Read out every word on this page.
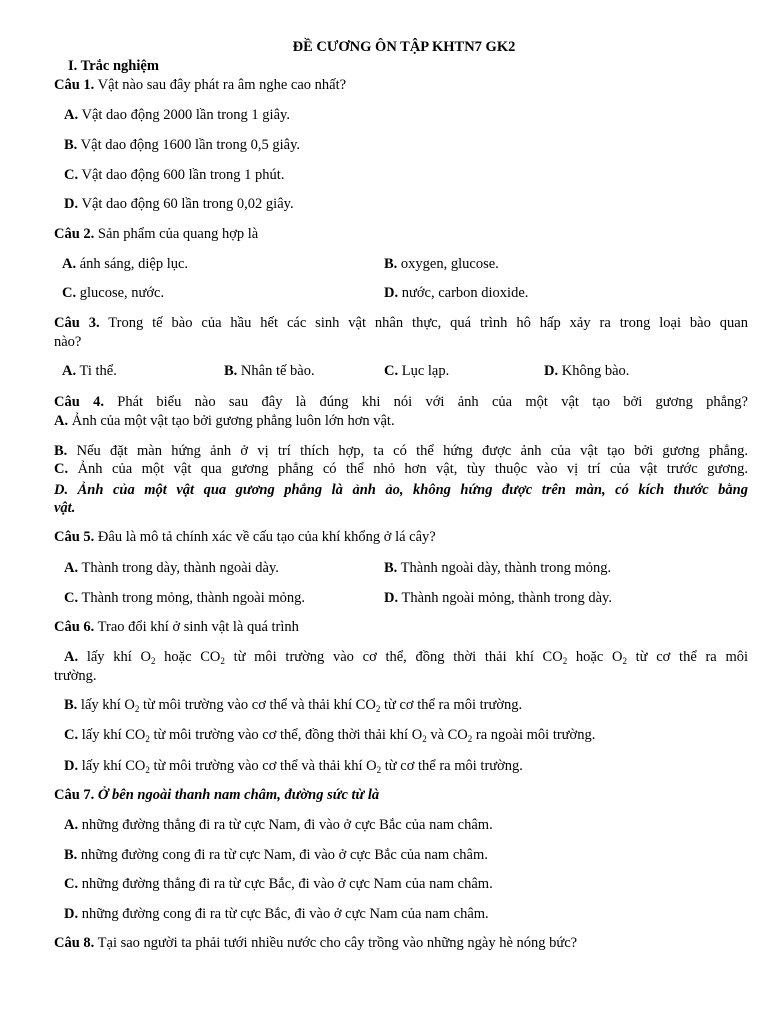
ĐỀ CƯƠNG ÔN TẬP KHTN7 GK2
I. Trắc nghiệm
Câu 1. Vật nào sau đây phát ra âm nghe cao nhất?
A. Vật dao động 2000 lần trong 1 giây.
B. Vật dao động 1600 lần trong 0,5 giây.
C. Vật dao động 600 lần trong 1 phút.
D. Vật dao động 60 lần trong 0,02 giây.
Câu 2. Sản phẩm của quang hợp là
A. ánh sáng, diệp lục.	B. oxygen, glucose.
C. glucose, nước.	D. nước, carbon dioxide.
Câu 3. Trong tế bào của hầu hết các sinh vật nhân thực, quá trình hô hấp xảy ra trong loại bào quan
nào?
A. Ti thể.	B. Nhân tế bào.	C. Lục lạp.	D. Không bào.
Câu 4. Phát biểu nào sau đây là đúng khi nói với ảnh của một vật tạo bởi gương phẳng?
A. Ảnh của một vật tạo bởi gương phẳng luôn lớn hơn vật.
B. Nếu đặt màn hứng ảnh ở vị trí thích hợp, ta có thể hứng được ảnh của vật tạo bởi gương phẳng.
C. Ảnh của một vật qua gương phẳng có thể nhỏ hơn vật, tùy thuộc vào vị trí của vật trước gương.
D. Ảnh của một vật qua gương phẳng là ảnh ảo, không hứng được trên màn, có kích thước bằng
vật.
Câu 5. Đâu là mô tả chính xác về cấu tạo của khí khổng ở lá cây?
A. Thành trong dày, thành ngoài dày.	B. Thành ngoài dày, thành trong mỏng.
C. Thành trong mỏng, thành ngoài mỏng.	D. Thành ngoài mỏng, thành trong dày.
Câu 6. Trao đổi khí ở sinh vật là quá trình
A. lấy khí $O_2$ hoặc $CO_2$ từ môi trường vào cơ thể, đồng thời thải khí $CO_2$ hoặc $O_2$ từ cơ thể ra môi
trường.
B. lấy khí $O_2$ từ môi trường vào cơ thể và thải khí $CO_2$ từ cơ thể ra môi trường.
C. lấy khí $CO_2$ từ môi trường vào cơ thể, đồng thời thải khí $O_2$ và $CO_2$ ra ngoài môi trường.
D. lấy khí $CO_2$ từ môi trường vào cơ thể và thải khí $O_2$ từ cơ thể ra môi trường.
Câu 7. Ở bên ngoài thanh nam châm, đường sức từ là
A. những đường thẳng đi ra từ cực Nam, đi vào ở cực Bắc của nam châm.
B. những đường cong đi ra từ cực Nam, đi vào ở cực Bắc của nam châm.
C. những đường thẳng đi ra từ cực Bắc, đi vào ở cực Nam của nam châm.
D. những đường cong đi ra từ cực Bắc, đi vào ở cực Nam của nam châm.
Câu 8. Tại sao người ta phải tưới nhiều nước cho cây trồng vào những ngày hè nóng bức?
